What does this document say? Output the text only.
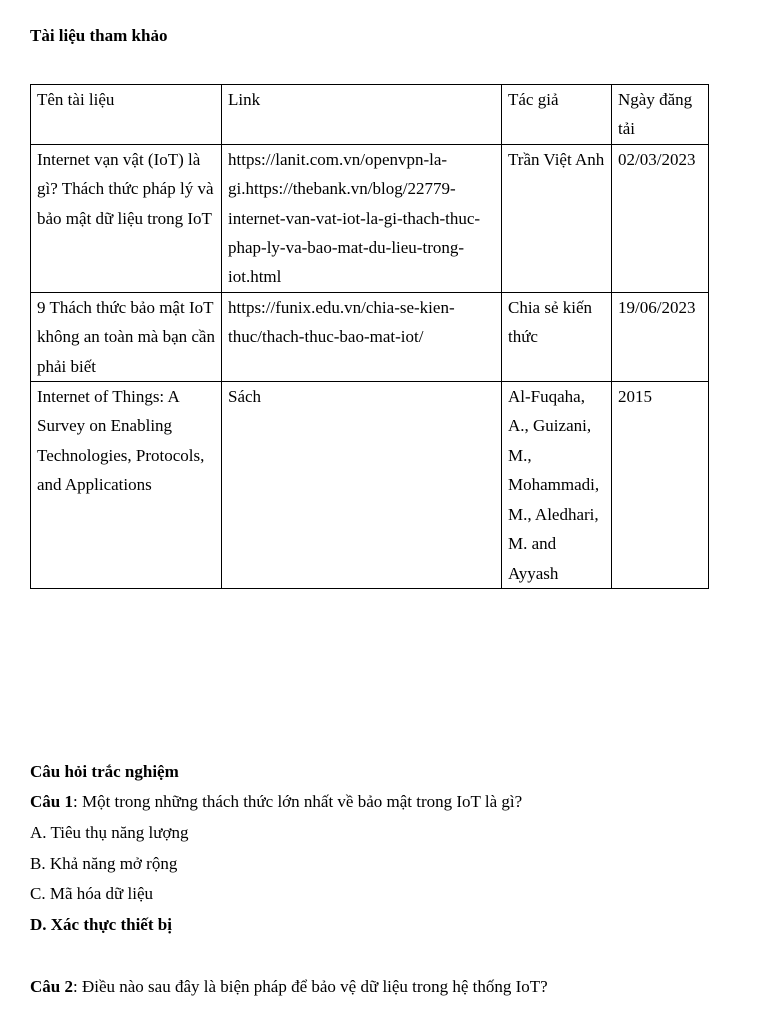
Tài liệu tham khảo

Tên tài liệu	Link	Tác giả	Ngày đăng tải
Internet vạn vật (IoT) là gì? Thách thức pháp lý và bảo mật dữ liệu trong IoT	https://lanit.com.vn/openvpn-la-gi.https://thebank.vn/blog/22779-internet-van-vat-iot-la-gi-thach-thuc-phap-ly-va-bao-mat-du-lieu-trong-iot.html	Trần Việt Anh	02/03/2023
9 Thách thức bảo mật IoT không an toàn mà bạn cần phải biết	https://funix.edu.vn/chia-se-kien-thuc/thach-thuc-bao-mat-iot/	Chia sẻ kiến thức	19/06/2023
Internet of Things: A Survey on Enabling Technologies, Protocols, and Applications	Sách	Al-Fuqaha, A., Guizani, M., Mohammadi, M., Aledhari, M. and Ayyash	2015

Câu hỏi trắc nghiệm

Câu 1: Một trong những thách thức lớn nhất về bảo mật trong IoT là gì?

A. Tiêu thụ năng lượng

B. Khả năng mở rộng

C. Mã hóa dữ liệu

D. Xác thực thiết bị

Câu 2: Điều nào sau đây là biện pháp để bảo vệ dữ liệu trong hệ thống IoT?
